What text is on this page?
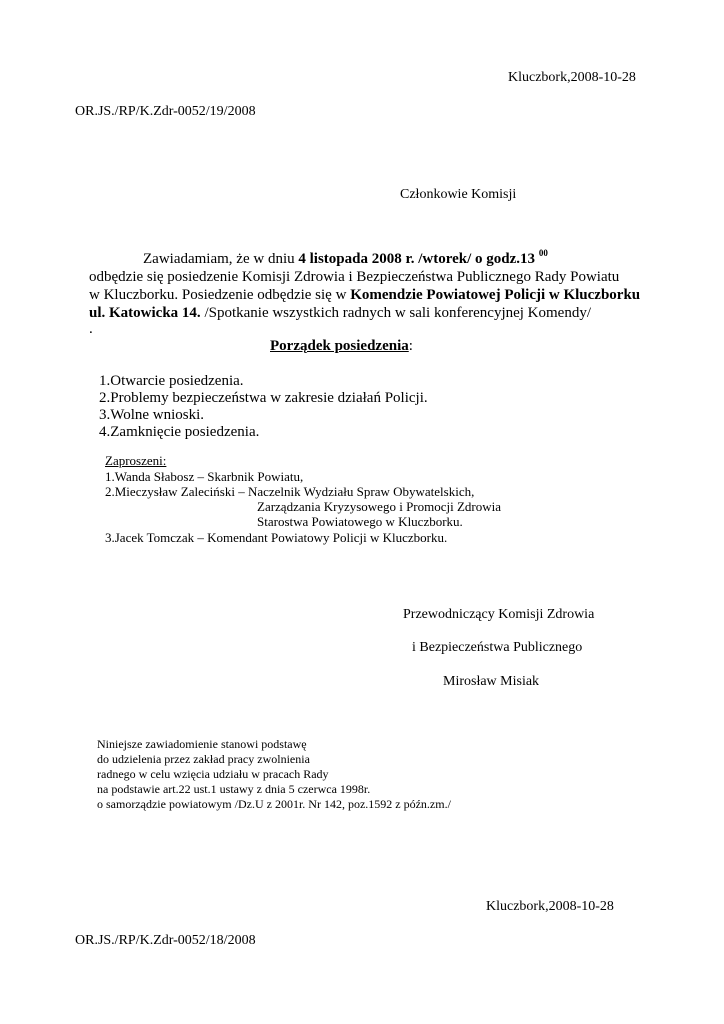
Kluczbork,2008-10-28
OR.JS./RP/K.Zdr-0052/19/2008
Członkowie Komisji
Zawiadamiam, że w dniu 4 listopada 2008 r. /wtorek/ o godz.13 $^{00}$
odbędzie się posiedzenie Komisji Zdrowia i Bezpieczeństwa Publicznego Rady Powiatu
w Kluczborku. Posiedzenie odbędzie się w Komendzie Powiatowej Policji w Kluczborku
ul. Katowicka 14. /Spotkanie wszystkich radnych w sali konferencyjnej Komendy/
.
Porządek posiedzenia:
1.Otwarcie posiedzenia.
2.Problemy bezpieczeństwa w zakresie działań Policji.
3.Wolne wnioski.
4.Zamknięcie posiedzenia.
Zaproszeni:
1.Wanda Słabosz – Skarbnik Powiatu,
2.Mieczysław Zaleciński – Naczelnik Wydziału Spraw Obywatelskich,
Zarządzania Kryzysowego i Promocji Zdrowia
Starostwa Powiatowego w Kluczborku.
3.Jacek Tomczak – Komendant Powiatowy Policji w Kluczborku.
Przewodniczący Komisji Zdrowia
i Bezpieczeństwa Publicznego
Mirosław Misiak
Niniejsze zawiadomienie stanowi podstawę
do udzielenia przez zakład pracy zwolnienia
radnego w celu wzięcia udziału w pracach Rady
na podstawie art.22 ust.1 ustawy z dnia 5 czerwca 1998r.
o samorządzie powiatowym /Dz.U z 2001r. Nr 142, poz.1592 z późn.zm./
Kluczbork,2008-10-28
OR.JS./RP/K.Zdr-0052/18/2008
